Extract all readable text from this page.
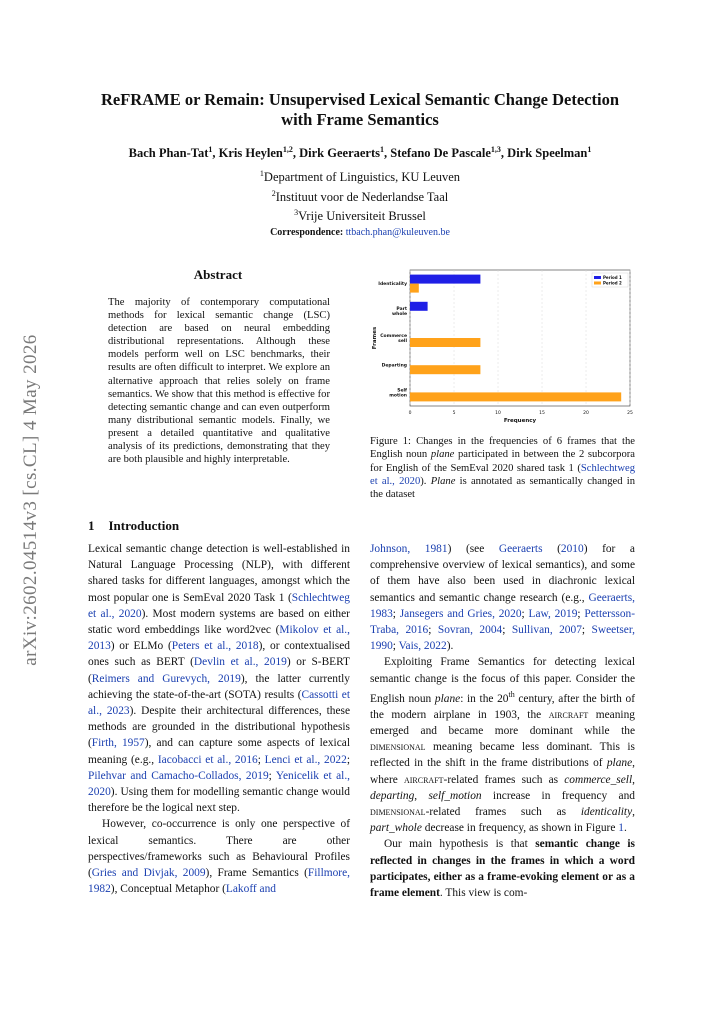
arXiv:2602.04514v3 [cs.CL] 4 May 2026
ReFRAME or Remain: Unsupervised Lexical Semantic Change Detection
with Frame Semantics
Bach Phan-Tat$^1$, Kris Heylen$^{1,2}$, Dirk Geeraerts$^1$, Stefano De Pascale$^{1,3}$, Dirk Speelman$^1$
$^1$Department of Linguistics, KU Leuven
$^2$Instituut voor de Nederlandse Taal
$^3$Vrije Universiteit Brussel
Correspondence: ttbach.phan@kuleuven.be
Abstract
The majority of contemporary computational methods for lexical semantic change (LSC) detection are based on neural embedding distributional representations. Although these models perform well on LSC benchmarks, their results are often difficult to interpret. We explore an alternative approach that relies solely on frame semantics. We show that this method is effective for detecting semantic change and can even outperform many distributional semantic models. Finally, we present a detailed quantitative and qualitative analysis of its predictions, demonstrating that they are both plausible and highly interpretable.
1 Introduction

Lexical semantic change detection is well-established in Natural Language Processing (NLP), with different shared tasks for different languages, amongst which the most popular one is SemEval 2020 Task 1 (Schlechtweg et al., 2020). Most modern systems are based on either static word embeddings like word2vec (Mikolov et al., 2013) or ELMo (Peters et al., 2018), or contextualised ones such as BERT (Devlin et al., 2019) or S-BERT (Reimers and Gurevych, 2019), the latter currently achieving the state-of-the-art (SOTA) results (Cassotti et al., 2023). Despite their architectural differences, these methods are grounded in the distributional hypothesis (Firth, 1957), and can capture some aspects of lexical meaning (e.g., Iacobacci et al., 2016; Lenci et al., 2022; Pilehvar and Camacho-Collados, 2019; Yenicelik et al., 2020). Using them for modelling semantic change would therefore be the logical next step.

However, co-occurrence is only one perspective of lexical semantics. There are other perspectives/frameworks such as Behavioural Profiles (Gries and Divjak, 2009), Frame Semantics (Fillmore, 1982), Conceptual Metaphor (Lakoff and

Johnson, 1981) (see Geeraerts (2010) for a comprehensive overview of lexical semantics), and some of them have also been used in diachronic lexical semantics and semantic change research (e.g., Geeraerts, 1983; Jansegers and Gries, 2020; Law, 2019; Pettersson-Traba, 2016; Sovran, 2004; Sullivan, 2007; Sweetser, 1990; Vais, 2022).

Exploiting Frame Semantics for detecting lexical semantic change is the focus of this paper. Consider the English noun plane: in the 20th century, after the birth of the modern airplane in 1903, the aircraft meaning emerged and became more dominant while the dimensional meaning became less dominant. This is reflected in the shift in the frame distributions of plane, where aircraft-related frames such as commerce_sell, departing, self_motion increase in frequency and dimensional-related frames such as identicality, part_whole decrease in frequency, as shown in Figure 1.

Our main hypothesis is that semantic change is reflected in changes in the frames in which a word participates, either as a frame-evoking element or as a frame element. This view is com-

0	5	10	15	20	25
Identicality
Part whole
Commerce sell
Departing
Self motion
Frequency
Frames
Period 1
Period 2
Figure 1: Changes in the frequencies of 6 frames that the English noun plane participated in between the 2 subcorpora for English of the SemEval 2020 shared task 1 (Schlechtweg et al., 2020). Plane is annotated as semantically changed in the dataset
